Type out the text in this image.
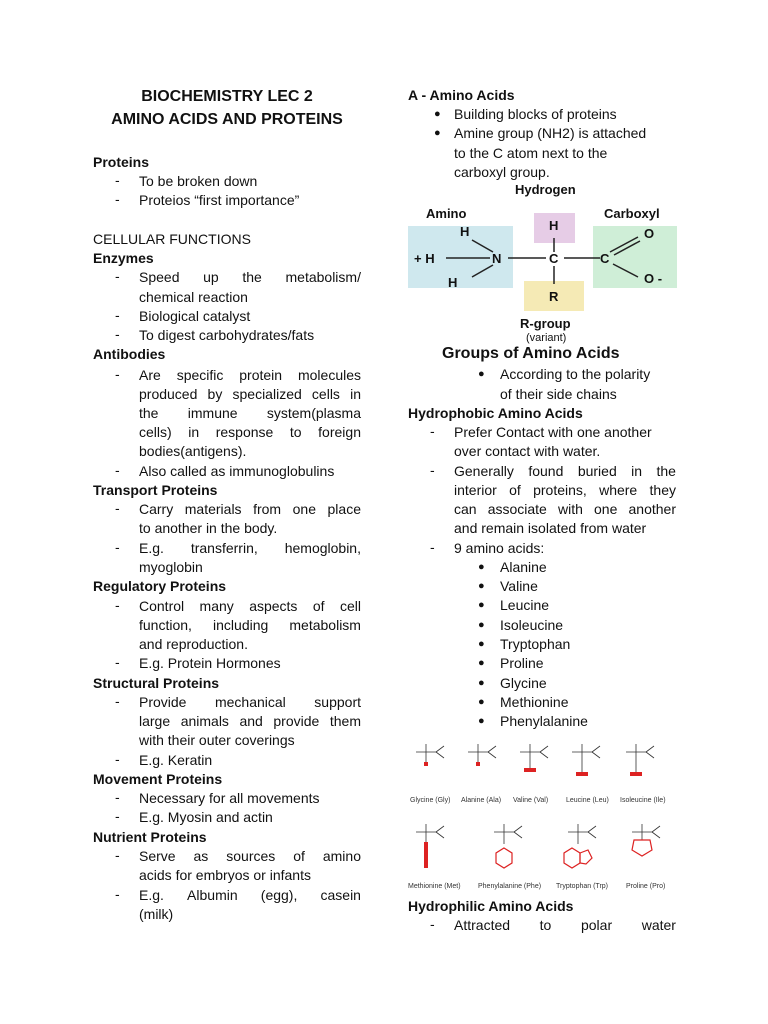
BIOCHEMISTRY LEC 2
AMINO ACIDS AND PROTEINS
Proteins
- To be broken down
- Proteios “first importance”
CELLULAR FUNCTIONS
Enzymes
- Speed up the metabolism/
chemical reaction
- Biological catalyst
- To digest carbohydrates/fats
Antibodies
- Are specific protein molecules
produced by specialized cells in
the immune system(plasma
cells) in response to foreign
bodies(antigens).
- Also called as immunoglobulins
Transport Proteins
- Carry materials from one place
to another in the body.
- E.g. transferrin, hemoglobin,
myoglobin
Regulatory Proteins
- Control many aspects of cell
function, including metabolism
and reproduction.
- E.g. Protein Hormones
Structural Proteins
- Provide mechanical support
large animals and provide them
with their outer coverings
- E.g. Keratin
Movement Proteins
- Necessary for all movements
- E.g. Myosin and actin
Nutrient Proteins
- Serve as sources of amino
acids for embryos or infants
- E.g. Albumin (egg), casein
(milk)
A - Amino Acids
● Building blocks of proteins
● Amine group (NH2) is attached
to the C atom next to the
carboxyl group.
Hydrogen
Amino	Carboxyl
H	H
+ H
H
N	C	C
O
O -
R
R-group
(variant)
Groups of Amino Acids
● According to the polarity
of their side chains
Hydrophobic Amino Acids
- Prefer Contact with one another
over contact with water.
- Generally found buried in the
interior of proteins, where they
can associate with one another
and remain isolated from water
- 9 amino acids:
● Alanine
● Valine
● Leucine
● Isoleucine
● Tryptophan
● Proline
● Glycine
● Methionine
● Phenylalanine
Glycine (Gly) Alanine (Ala) Valine (Val)	Leucine (Leu) Isoleucine (Ile)
Methionine (Met) Phenylalanine (Phe) Tryptophan (Trp)	Proline (Pro)
Hydrophilic Amino Acids
- Attracted to polar water
